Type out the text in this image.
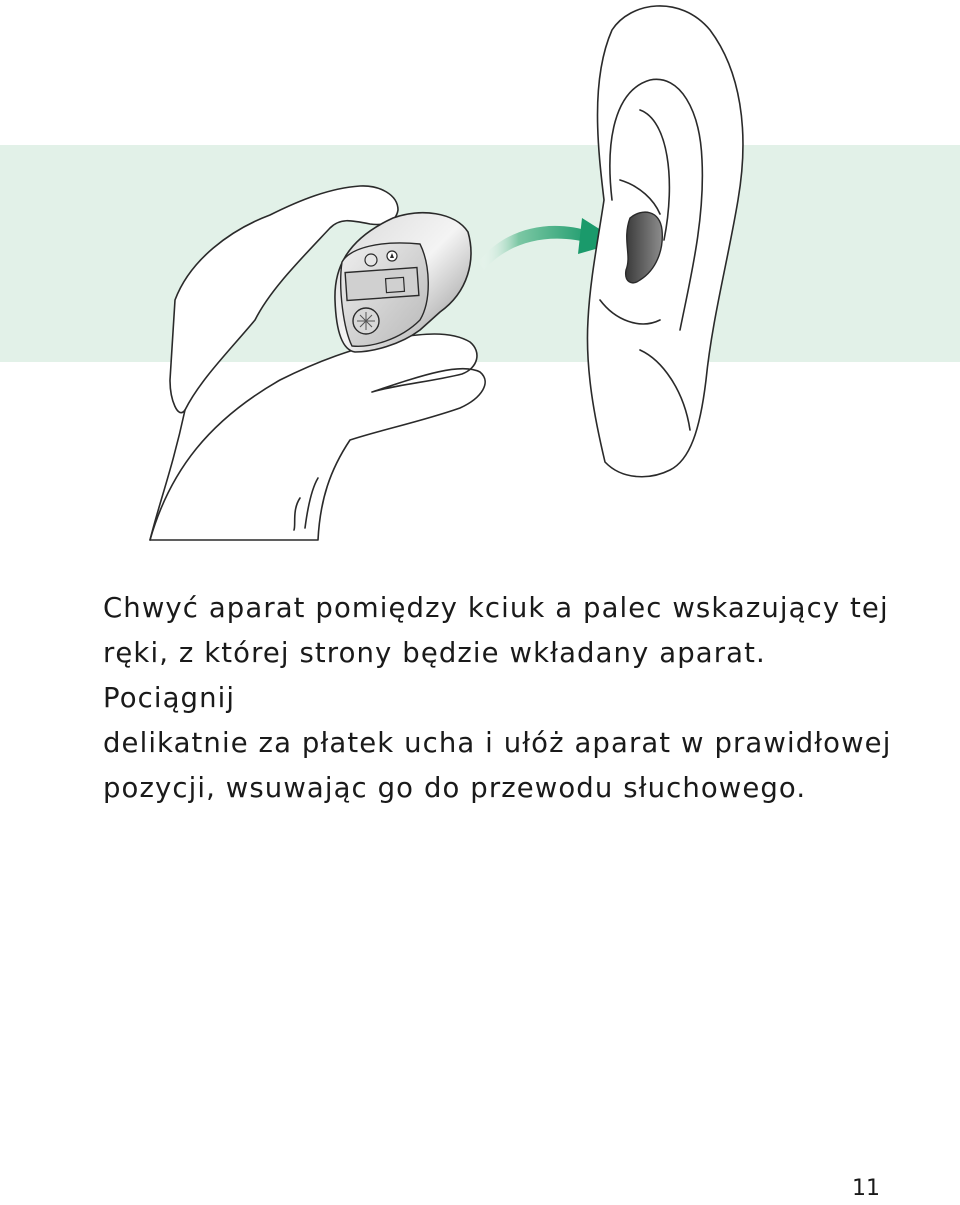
Chwyć aparat pomiędzy kciuk a palec wskazujący tej
ręki, z której strony będzie wkładany aparat. Pociągnij
delikatnie za płatek ucha i ułóż aparat w prawidłowej
pozycji, wsuwając go do przewodu słuchowego.
11
